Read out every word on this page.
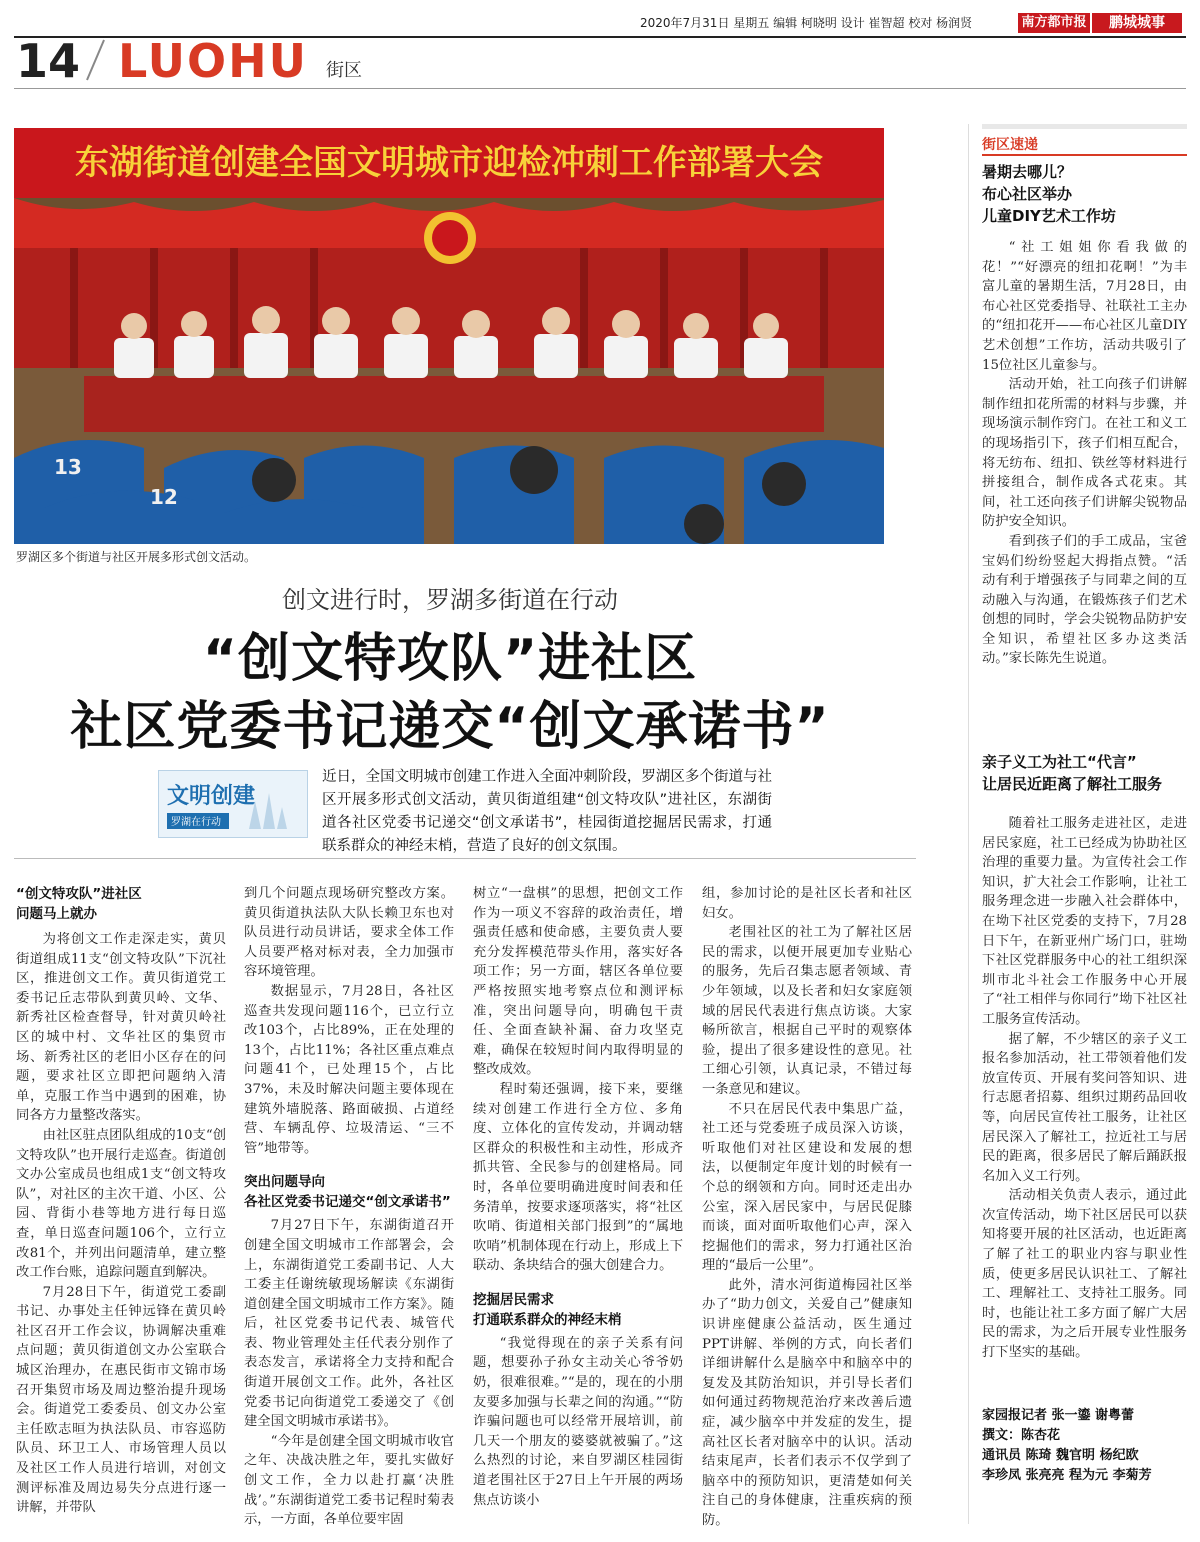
2020年7月31日 星期五 编辑 柯晓明 设计 崔智超 校对 杨润贤	南方都市报	鹏城城事
14 LUOHU 街区
东湖街道创建全国文明城市迎检冲刺工作部署大会
13
12
罗湖区多个街道与社区开展多形式创文活动。
创文进行时，罗湖多街道在行动
“创文特攻队”进社区
社区党委书记递交“创文承诺书”
文明创建
罗湖在行动
近日，全国文明城市创建工作进入全面冲刺阶段，罗湖区多个街道与社区开展多形式创文活动，黄贝街道组建“创文特攻队”进社区，东湖街道各社区党委书记递交“创文承诺书”，桂园街道挖掘居民需求，打通联系群众的神经末梢，营造了良好的创文氛围。
“创文特攻队”进社区
问题马上就办

为将创文工作走深走实，黄贝街道组成11支“创文特攻队”下沉社区，推进创文工作。黄贝街道党工委书记丘志带队到黄贝岭、文华、新秀社区检查督导，针对黄贝岭社区的城中村、文华社区的集贸市场、新秀社区的老旧小区存在的问题，要求社区立即把问题纳入清单，克服工作当中遇到的困难，协同各方力量整改落实。

由社区驻点团队组成的10支“创文特攻队”也开展行走巡查。街道创文办公室成员也组成1支“创文特攻队”，对社区的主次干道、小区、公园、背街小巷等地方进行每日巡查，单日巡查问题106个，立行立改81个，并列出问题清单，建立整改工作台账，追踪问题直到解决。

7月28日下午，街道党工委副书记、办事处主任钟远锋在黄贝岭社区召开工作会议，协调解决重难点问题；黄贝街道创文办公室联合城区治理办，在惠民街市文锦市场召开集贸市场及周边整治提升现场会。街道党工委委员、创文办公室主任欧志晅为执法队员、市容巡防队员、环卫工人、市场管理人员以及社区工作人员进行培训，对创文测评标准及周边易失分点进行逐一讲解，并带队

到几个问题点现场研究整改方案。黄贝街道执法队大队长赖卫东也对队员进行动员讲话，要求全体工作人员要严格对标对表，全力加强市容环境管理。

数据显示，7月28日，各社区巡查共发现问题116个，已立行立改103个，占比89%，正在处理的13个，占比11%；各社区重点难点问题41个，已处理15个，占比37%，未及时解决问题主要体现在建筑外墙脱落、路面破损、占道经营、车辆乱停、垃圾清运、“三不管”地带等。

突出问题导向
各社区党委书记递交“创文承诺书”

7月27日下午，东湖街道召开创建全国文明城市工作部署会，会上，东湖街道党工委副书记、人大工委主任谢统敏现场解读《东湖街道创建全国文明城市工作方案》。随后，社区党委书记代表、城管代表、物业管理处主任代表分别作了表态发言，承诺将全力支持和配合街道开展创文工作。此外，各社区党委书记向街道党工委递交了《创建全国文明城市承诺书》。

“今年是创建全国文明城市收官之年、决战决胜之年，要扎实做好创文工作，全力以赴打赢‘决胜战’。”东湖街道党工委书记程时菊表示，一方面，各单位要牢固

树立“一盘棋”的思想，把创文工作作为一项义不容辞的政治责任，增强责任感和使命感，主要负责人要充分发挥模范带头作用，落实好各项工作；另一方面，辖区各单位要严格按照实地考察点位和测评标准，突出问题导向，明确包干责任、全面查缺补漏、奋力攻坚克难，确保在较短时间内取得明显的整改成效。

程时菊还强调，接下来，要继续对创建工作进行全方位、多角度、立体化的宣传发动，并调动辖区群众的积极性和主动性，形成齐抓共管、全民参与的创建格局。同时，各单位要明确进度时间表和任务清单，按要求逐项落实，将“社区吹哨、街道相关部门报到”的“属地吹哨”机制体现在行动上，形成上下联动、条块结合的强大创建合力。

挖掘居民需求
打通联系群众的神经末梢

“我觉得现在的亲子关系有问题，想要孙子孙女主动关心爷爷奶奶，很难很难。”“是的，现在的小朋友要多加强与长辈之间的沟通。”“防诈骗问题也可以经常开展培训，前几天一个朋友的婆婆就被骗了。”这么热烈的讨论，来自罗湖区桂园街道老围社区于27日上午开展的两场焦点访谈小

组，参加讨论的是社区长者和社区妇女。

老围社区的社工为了解社区居民的需求，以便开展更加专业贴心的服务，先后召集志愿者领域、青少年领域，以及长者和妇女家庭领域的居民代表进行焦点访谈。大家畅所欲言，根据自己平时的观察体验，提出了很多建设性的意见。社工细心引领，认真记录，不错过每一条意见和建议。

不只在居民代表中集思广益，社工还与党委班子成员深入访谈，听取他们对社区建设和发展的想法，以便制定年度计划的时候有一个总的纲领和方向。同时还走出办公室，深入居民家中，与居民促膝而谈，面对面听取他们心声，深入挖掘他们的需求，努力打通社区治理的“最后一公里”。

此外，清水河街道梅园社区举办了“助力创文，关爱自己”健康知识讲座健康公益活动，医生通过PPT讲解、举例的方式，向长者们详细讲解什么是脑卒中和脑卒中的复发及其防治知识，并引导长者们如何通过药物规范治疗来改善后遗症，减少脑卒中并发症的发生，提高社区长者对脑卒中的认识。活动结束尾声，长者们表示不仅学到了脑卒中的预防知识，更清楚如何关注自己的身体健康，注重疾病的预防。

街区速递
暑期去哪儿？
布心社区举办
儿童DIY艺术工作坊

“社工姐姐你看我做的花！”“好漂亮的纽扣花啊！”为丰富儿童的暑期生活，7月28日，由布心社区党委指导、社联社工主办的“纽扣花开——布心社区儿童DIY艺术创想”工作坊，活动共吸引了15位社区儿童参与。

活动开始，社工向孩子们讲解制作纽扣花所需的材料与步骤，并现场演示制作窍门。在社工和义工的现场指引下，孩子们相互配合，将无纺布、纽扣、铁丝等材料进行拼接组合，制作成各式花束。其间，社工还向孩子们讲解尖锐物品防护安全知识。

看到孩子们的手工成品，宝爸宝妈们纷纷竖起大拇指点赞。“活动有利于增强孩子与同辈之间的互动融入与沟通，在锻炼孩子们艺术创想的同时，学会尖锐物品防护安全知识，希望社区多办这类活动。”家长陈先生说道。

亲子义工为社工“代言”
让居民近距离了解社工服务

随着社工服务走进社区，走进居民家庭，社工已经成为协助社区治理的重要力量。为宣传社会工作知识，扩大社会工作影响，让社工服务理念进一步融入社会群体中，在坳下社区党委的支持下，7月28日下午，在新亚州广场门口，驻坳下社区党群服务中心的社工组织深圳市北斗社会工作服务中心开展了“社工相伴与你同行”坳下社区社工服务宣传活动。

据了解，不少辖区的亲子义工报名参加活动，社工带领着他们发放宣传页、开展有奖问答知识、进行志愿者招募、组织过期药品回收等，向居民宣传社工服务，让社区居民深入了解社工，拉近社工与居民的距离，很多居民了解后踊跃报名加入义工行列。

活动相关负责人表示，通过此次宣传活动，坳下社区居民可以获知将要开展的社区活动，也近距离了解了社工的职业内容与职业性质，使更多居民认识社工、了解社工、理解社工、支持社工服务。同时，也能让社工多方面了解广大居民的需求，为之后开展专业性服务打下坚实的基础。

家园报记者 张一鎏 谢粤蕾
撰文：陈杏花
通讯员 陈琦 魏官明 杨纪欧
李珍凤 张亮亮 程为元 李菊芳
